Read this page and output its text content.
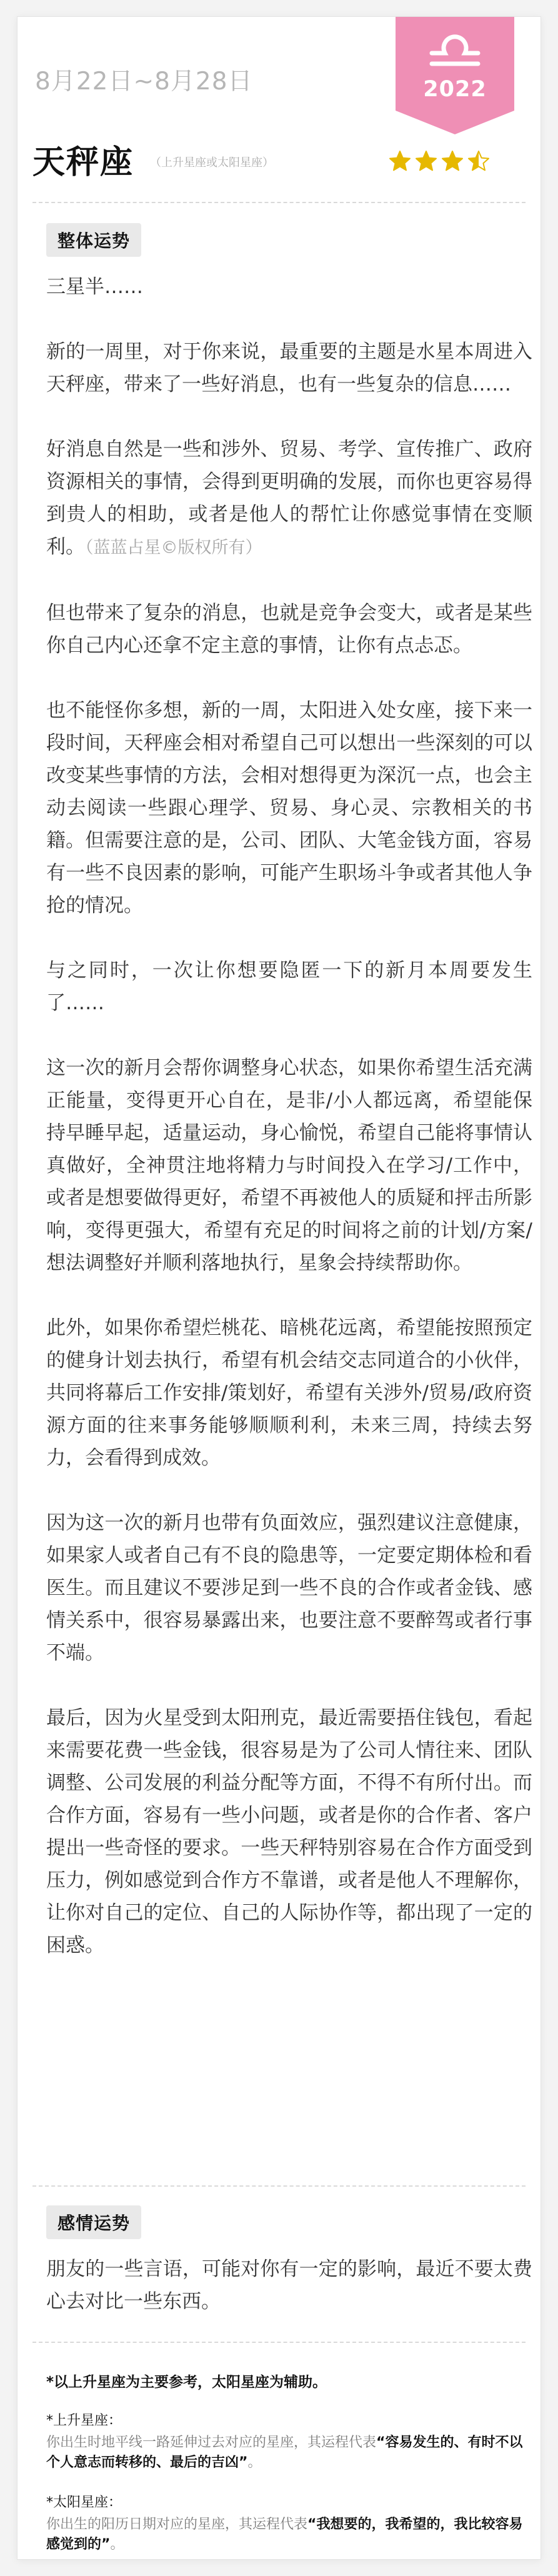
2022
8月22日~8月28日
天秤座 （上升星座或太阳星座）
整体运势

三星半……

新的一周里，对于你来说，最重要的主题是水星本周进入天秤座，带来了一些好消息，也有一些复杂的信息……

好消息自然是一些和涉外、贸易、考学、宣传推广、政府资源相关的事情，会得到更明确的发展，而你也更容易得到贵人的相助，或者是他人的帮忙让你感觉事情在变顺利。（蓝蓝占星©版权所有）

但也带来了复杂的消息，也就是竞争会变大，或者是某些你自己内心还拿不定主意的事情，让你有点忐忑。

也不能怪你多想，新的一周，太阳进入处女座，接下来一段时间，天秤座会相对希望自己可以想出一些深刻的可以改变某些事情的方法，会相对想得更为深沉一点，也会主动去阅读一些跟心理学、贸易、身心灵、宗教相关的书籍。但需要注意的是，公司、团队、大笔金钱方面，容易有一些不良因素的影响，可能产生职场斗争或者其他人争抢的情况。

与之同时，一次让你想要隐匿一下的新月本周要发生了……

这一次的新月会帮你调整身心状态，如果你希望生活充满正能量，变得更开心自在，是非/小人都远离，希望能保持早睡早起，适量运动，身心愉悦，希望自己能将事情认真做好，全神贯注地将精力与时间投入在学习/工作中，或者是想要做得更好，希望不再被他人的质疑和抨击所影响，变得更强大，希望有充足的时间将之前的计划/方案/想法调整好并顺利落地执行，星象会持续帮助你。

此外，如果你希望烂桃花、暗桃花远离，希望能按照预定的健身计划去执行，希望有机会结交志同道合的小伙伴，共同将幕后工作安排/策划好，希望有关涉外/贸易/政府资源方面的往来事务能够顺顺利利，未来三周，持续去努力，会看得到成效。

因为这一次的新月也带有负面效应，强烈建议注意健康，如果家人或者自己有不良的隐患等，一定要定期体检和看医生。而且建议不要涉足到一些不良的合作或者金钱、感情关系中，很容易暴露出来，也要注意不要醉驾或者行事不端。

最后，因为火星受到太阳刑克，最近需要捂住钱包，看起来需要花费一些金钱，很容易是为了公司人情往来、团队调整、公司发展的利益分配等方面，不得不有所付出。而合作方面，容易有一些小问题，或者是你的合作者、客户提出一些奇怪的要求。一些天秤特别容易在合作方面受到压力，例如感觉到合作方不靠谱，或者是他人不理解你，让你对自己的定位、自己的人际协作等，都出现了一定的困惑。

感情运势

朋友的一些言语，可能对你有一定的影响，最近不要太费心去对比一些东西。

*以上升星座为主要参考，太阳星座为辅助。

*上升星座：

你出生时地平线一路延伸过去对应的星座，其运程代表“容易发生的、有时不以个人意志而转移的、最后的吉凶”。

*太阳星座：

你出生的阳历日期对应的星座，其运程代表“我想要的，我希望的，我比较容易感觉到的”。
